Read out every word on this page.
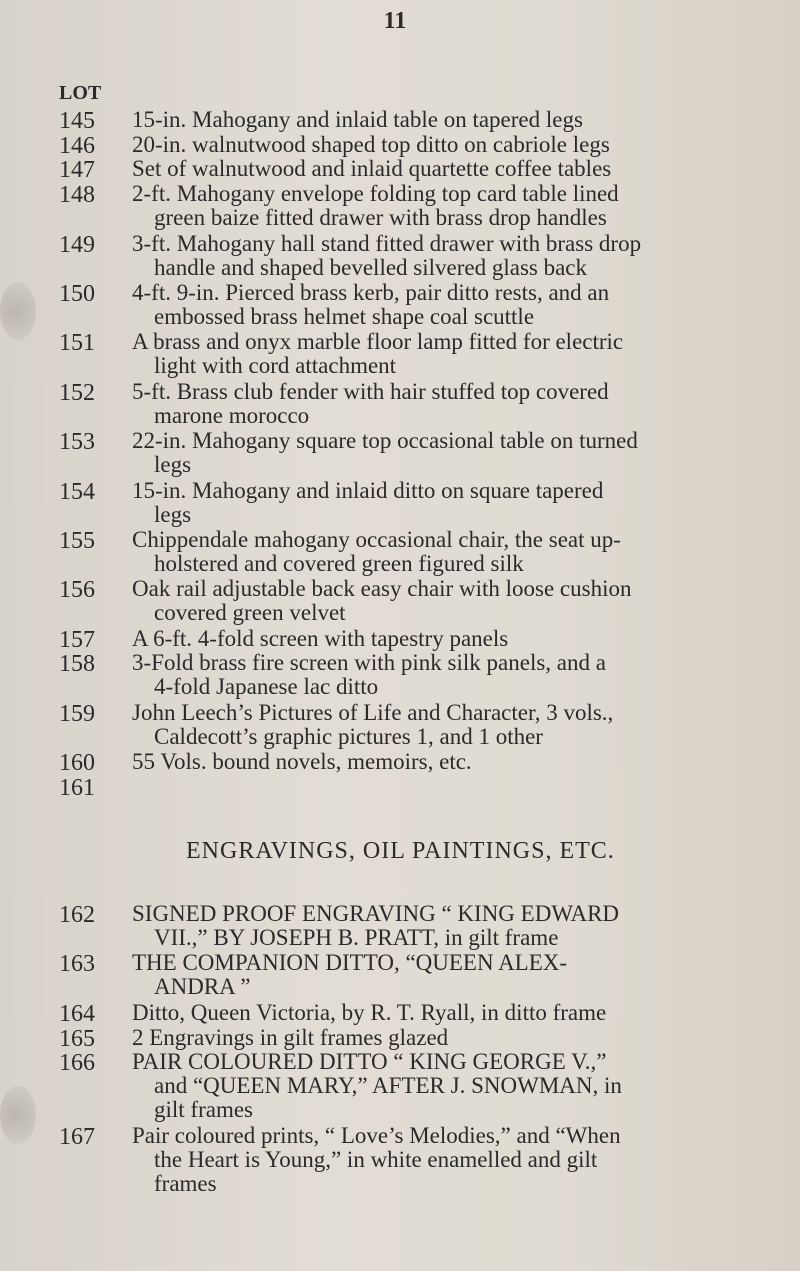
11
LOT
145	15-in. Mahogany and inlaid table on tapered legs
146	20-in. walnutwood shaped top ditto on cabriole legs
147	Set of walnutwood and inlaid quartette coffee tables
148	2-ft. Mahogany envelope folding top card table lined
green baize fitted drawer with brass drop handles
149	3-ft. Mahogany hall stand fitted drawer with brass drop
handle and shaped bevelled silvered glass back
150	4-ft. 9-in. Pierced brass kerb, pair ditto rests, and an
embossed brass helmet shape coal scuttle
151	A brass and onyx marble floor lamp fitted for electric
light with cord attachment
152	5-ft. Brass club fender with hair stuffed top covered
marone morocco
153	22-in. Mahogany square top occasional table on turned
legs
154	15-in. Mahogany and inlaid ditto on square tapered
legs
155	Chippendale mahogany occasional chair, the seat up-
holstered and covered green figured silk
156	Oak rail adjustable back easy chair with loose cushion
covered green velvet
157	A 6-ft. 4-fold screen with tapestry panels
158	3-Fold brass fire screen with pink silk panels, and a
4-fold Japanese lac ditto
159	John Leech’s Pictures of Life and Character, 3 vols.,
Caldecott’s graphic pictures 1, and 1 other
160	55 Vols. bound novels, memoirs, etc.
161
162	SIGNED PROOF ENGRAVING “ KING EDWARD
VII.,” BY JOSEPH B. PRATT, in gilt frame
163	THE COMPANION DITTO, “QUEEN ALEX-
ANDRA ”
164	Ditto, Queen Victoria, by R. T. Ryall, in ditto frame
165	2 Engravings in gilt frames glazed
166	PAIR COLOURED DITTO “ KING GEORGE V.,”
and “QUEEN MARY,” AFTER J. SNOWMAN, in
gilt frames
167	Pair coloured prints, “ Love’s Melodies,” and “When
the Heart is Young,” in white enamelled and gilt
frames
ENGRAVINGS, OIL PAINTINGS, ETC.
